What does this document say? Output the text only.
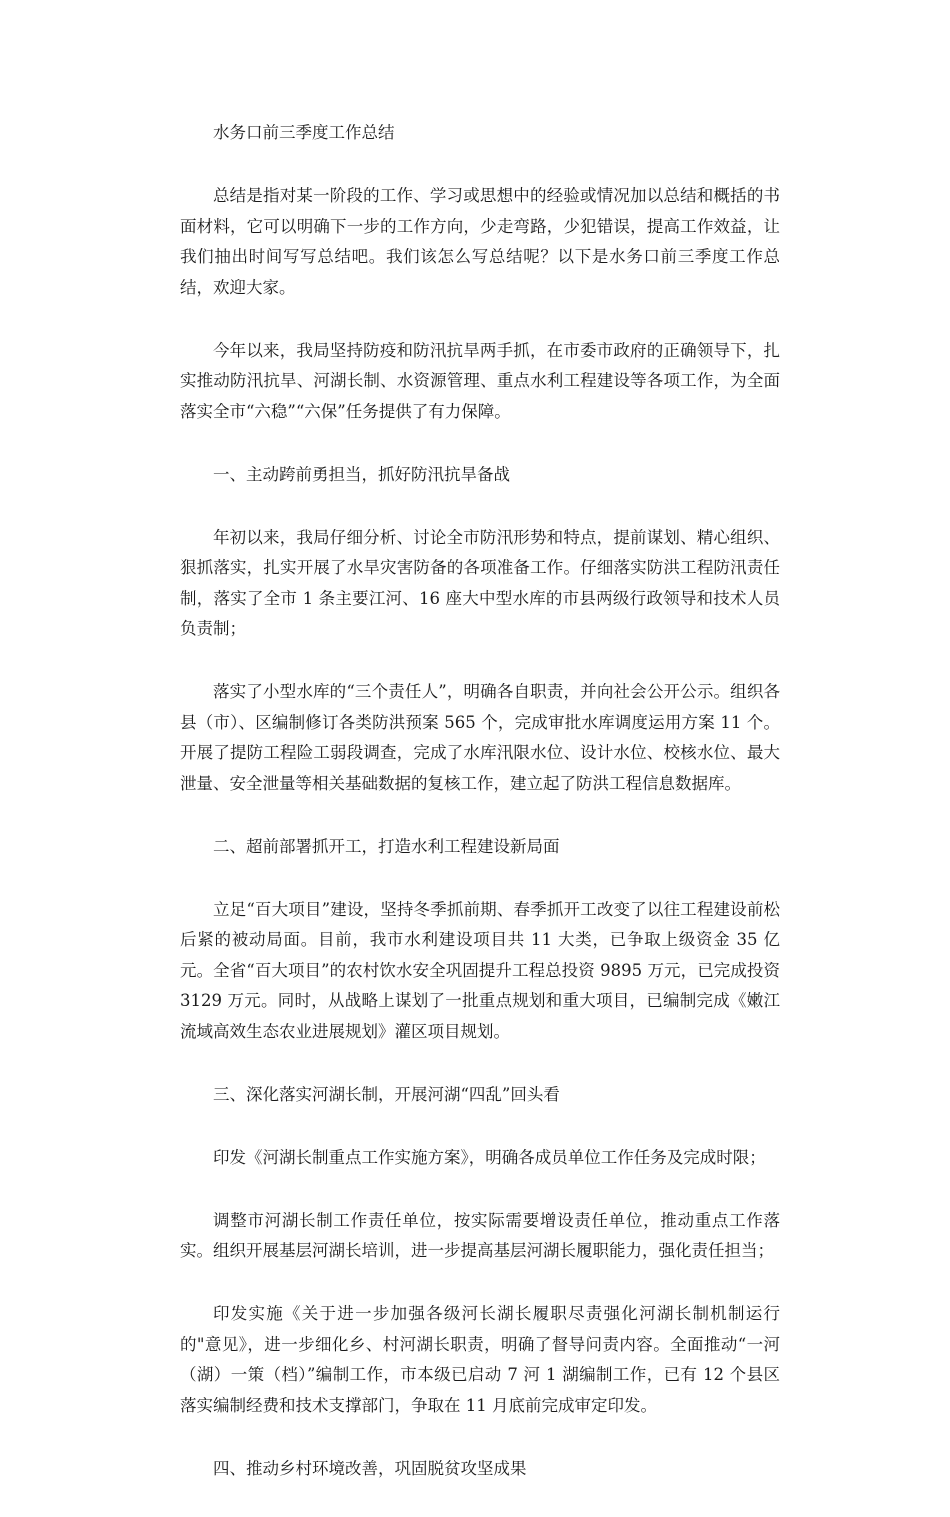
水务口前三季度工作总结

总结是指对某一阶段的工作、学习或思想中的经验或情况加以总结和概括的书面材料，它可以明确下一步的工作方向，少走弯路，少犯错误，提高工作效益，让我们抽出时间写写总结吧。我们该怎么写总结呢？以下是水务口前三季度工作总结，欢迎大家。

今年以来，我局坚持防疫和防汛抗旱两手抓，在市委市政府的正确领导下，扎实推动防汛抗旱、河湖长制、水资源管理、重点水利工程建设等各项工作，为全面落实全市“六稳”“六保”任务提供了有力保障。

一、主动跨前勇担当，抓好防汛抗旱备战

年初以来，我局仔细分析、讨论全市防汛形势和特点，提前谋划、精心组织、狠抓落实，扎实开展了水旱灾害防备的各项准备工作。仔细落实防洪工程防汛责任制，落实了全市 1 条主要江河、16 座大中型水库的市县两级行政领导和技术人员负责制；

落实了小型水库的“三个责任人”，明确各自职责，并向社会公开公示。组织各县（市）、区编制修订各类防洪预案 565 个，完成审批水库调度运用方案 11 个。开展了提防工程险工弱段调查，完成了水库汛限水位、设计水位、校核水位、最大泄量、安全泄量等相关基础数据的复核工作，建立起了防洪工程信息数据库。

二、超前部署抓开工，打造水利工程建设新局面

立足“百大项目”建设，坚持冬季抓前期、春季抓开工改变了以往工程建设前松后紧的被动局面。目前，我市水利建设项目共 11 大类，已争取上级资金 35 亿元。全省“百大项目”的农村饮水安全巩固提升工程总投资 9895 万元，已完成投资 3129 万元。同时，从战略上谋划了一批重点规划和重大项目，已编制完成《嫩江流域高效生态农业进展规划》灌区项目规划。

三、深化落实河湖长制，开展河湖“四乱”回头看

印发《河湖长制重点工作实施方案》，明确各成员单位工作任务及完成时限；

调整市河湖长制工作责任单位，按实际需要增设责任单位，推动重点工作落实。组织开展基层河湖长培训，进一步提高基层河湖长履职能力，强化责任担当；

印发实施《关于进一步加强各级河长湖长履职尽责强化河湖长制机制运行的"意见》，进一步细化乡、村河湖长职责，明确了督导问责内容。全面推动“一河（湖）一策（档）”编制工作，市本级已启动 7 河 1 湖编制工作，已有 12 个县区落实编制经费和技术支撑部门，争取在 11 月底前完成审定印发。

四、推动乡村环境改善，巩固脱贫攻坚成果
